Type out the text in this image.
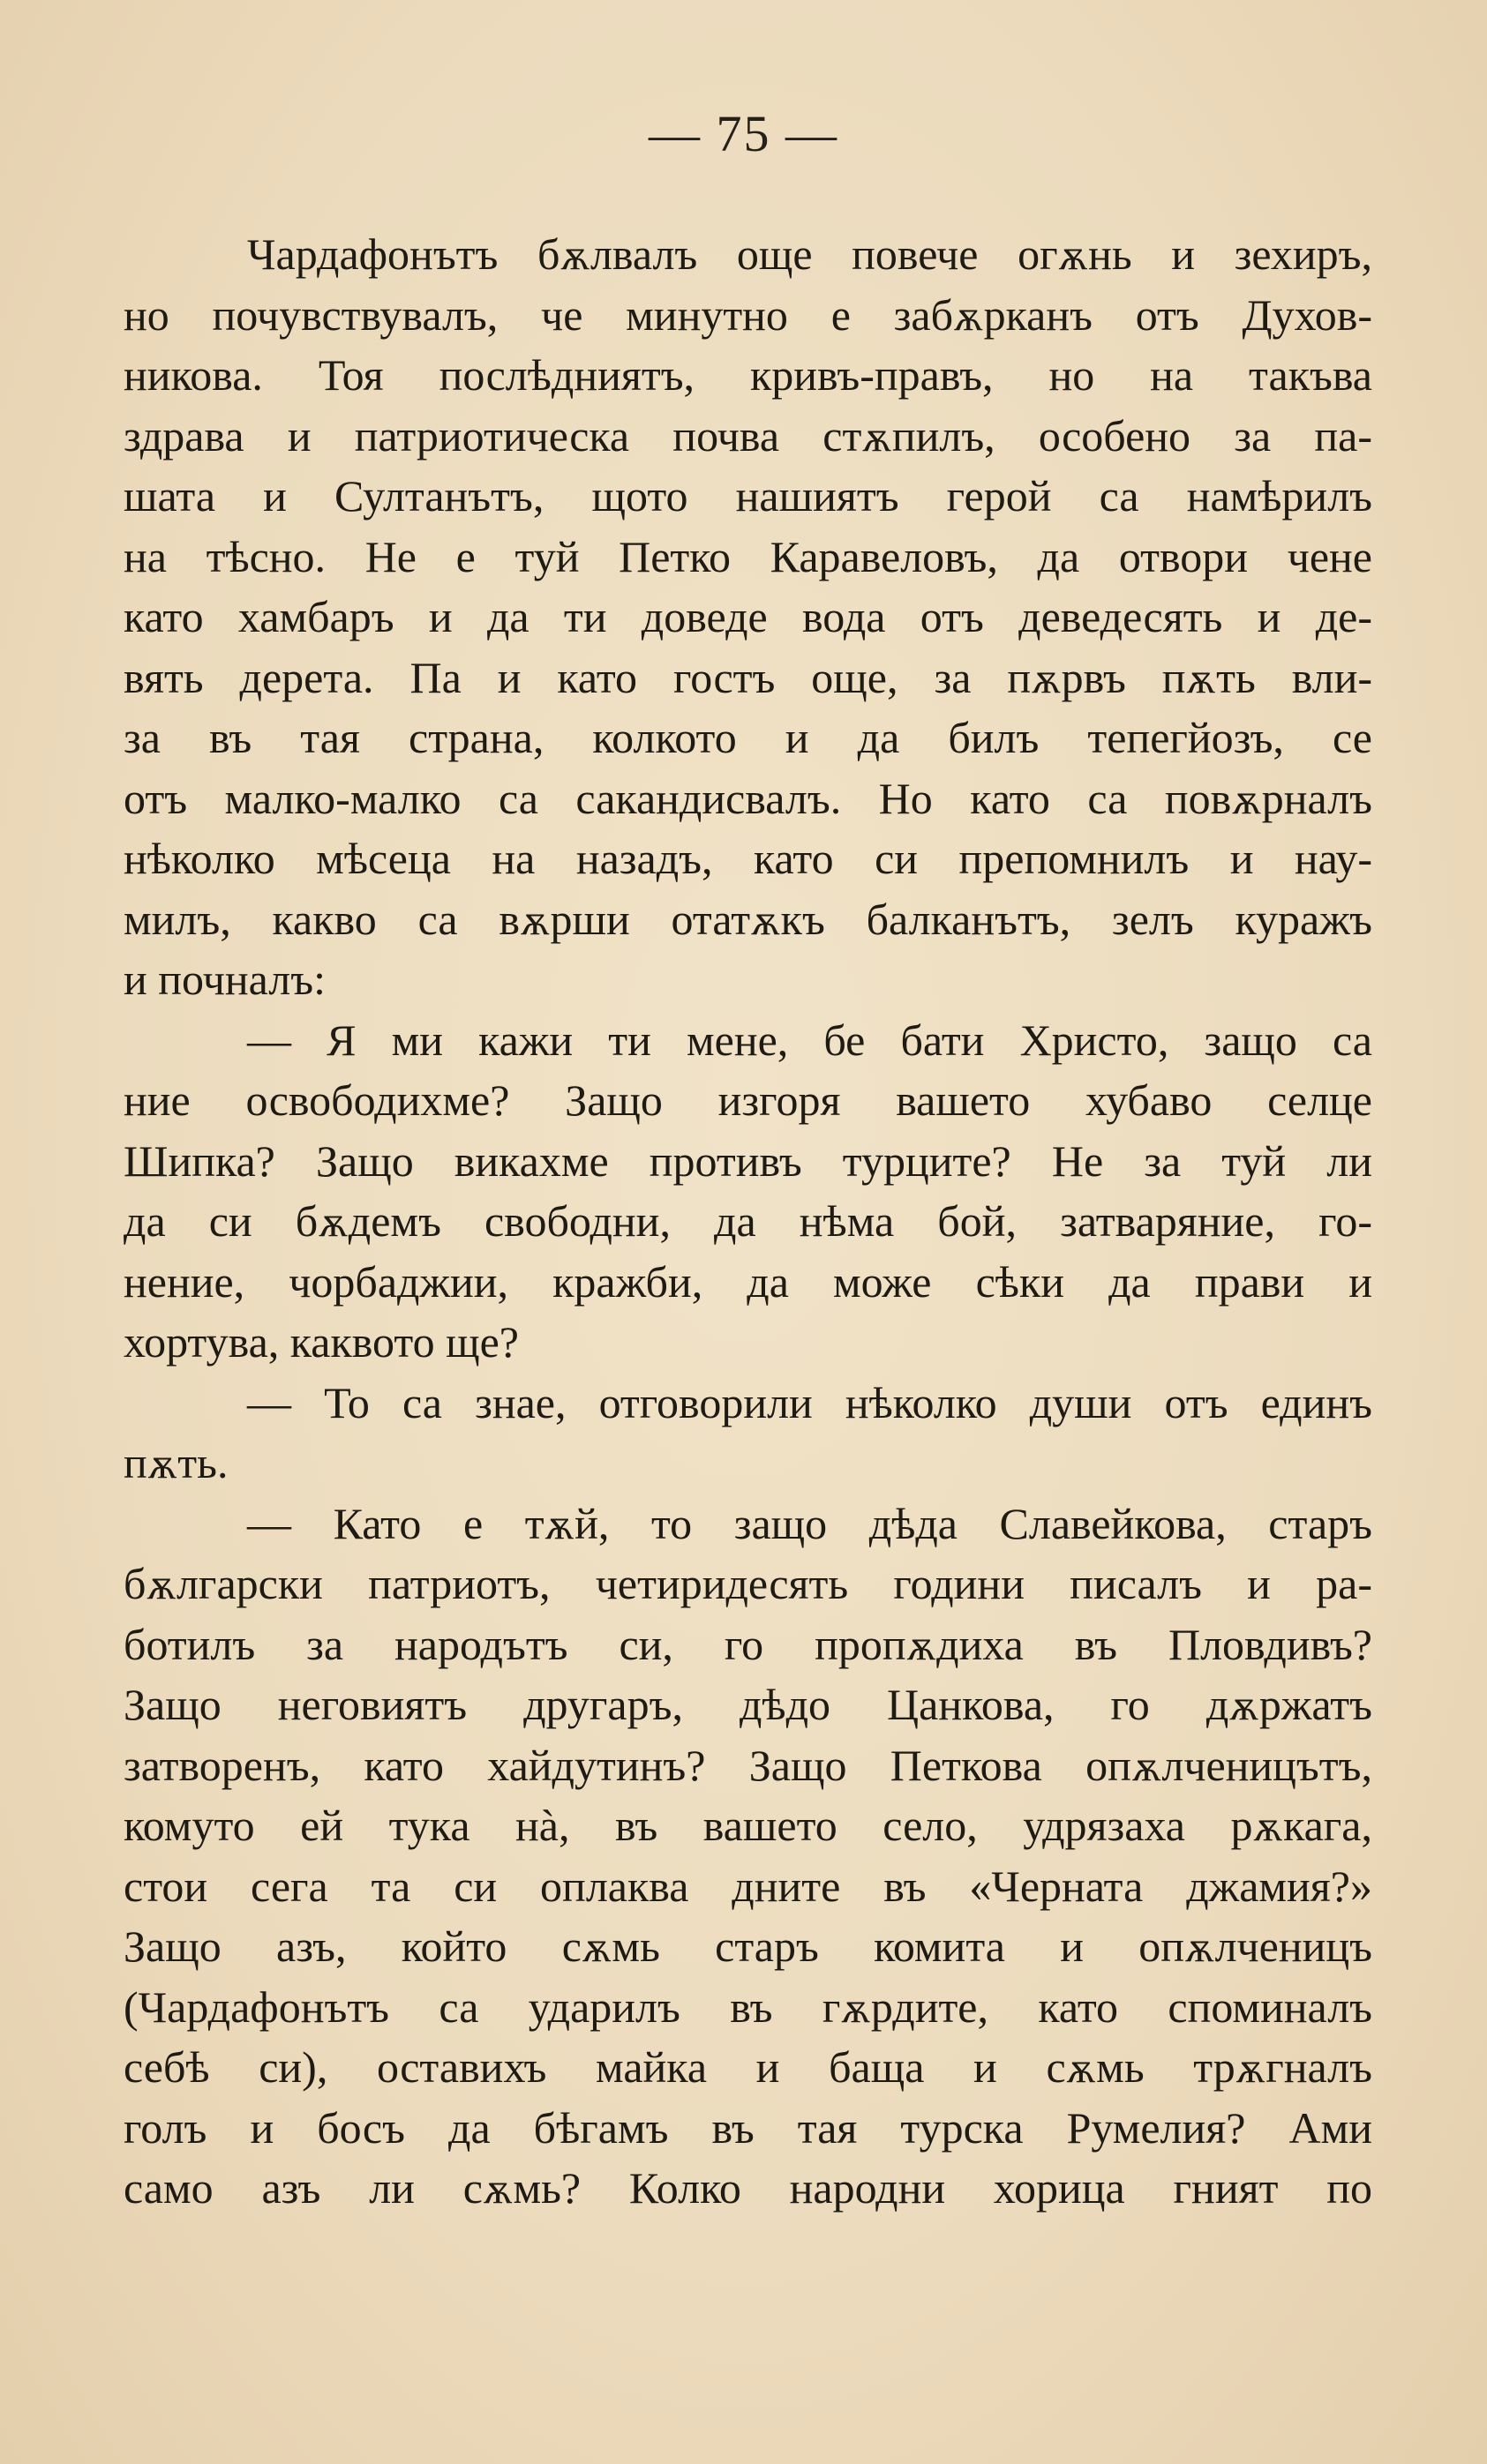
— 75 —
Чардафонътъ бѫлвалъ още повече огѫнь и зехиръ,
но почувствувалъ, че минутно е забѫрканъ отъ Духов-
никова. Тоя послѣдниятъ, кривъ-правъ, но на такъва
здрава и патриотическа почва стѫпилъ, особено за па-
шата и Султанътъ, щото нашиятъ герой са намѣрилъ
на тѣсно. Не е туй Петко Каравеловъ, да отвори чене
като хамбаръ и да ти доведе вода отъ деведесять и де-
вять дерета. Па и като гостъ още, за пѫрвъ пѫть вли-
за въ тая страна, колкото и да билъ тепегйозъ, се
отъ малко-малко са сакандисвалъ. Но като са повѫрналъ
нѣколко мѣсеца на назадъ, като си препомнилъ и нау-
милъ, какво са вѫрши отатѫкъ балканътъ, зелъ куражъ
и почналъ:
— Я ми кажи ти мене, бе бати Христо, защо са
ние освободихме? Защо изгоря вашето хубаво селце
Шипка? Защо викахме противъ турците? Не за туй ли
да си бѫдемъ свободни, да нѣма бой, затваряние, го-
нение, чорбаджии, кражби, да може сѣки да прави и
хортува, каквото ще?
— То са знае, отговорили нѣколко души отъ единъ
пѫть.
— Като е тѫй, то защо дѣда Славейкова, старъ
бѫлгарски патриотъ, четиридесять години писалъ и ра-
ботилъ за народътъ си, го пропѫдиха въ Пловдивъ?
Защо неговиятъ другаръ, дѣдо Цанкова, го дѫржатъ
затворенъ, като хайдутинъ? Защо Петкова опѫлченицътъ,
комуто ей тука нà, въ вашето село, удрязаха рѫкага,
стои сега та си оплаква дните въ «Черната джамия?»
Защо азъ, който сѫмь старъ комита и опѫлченицъ
(Чардафонътъ са ударилъ въ гѫрдите, като споминалъ
себѣ си), оставихъ майка и баща и сѫмь трѫгналъ
голъ и босъ да бѣгамъ въ тая турска Румелия? Ами
само азъ ли сѫмь? Колко народни хорица гният по
